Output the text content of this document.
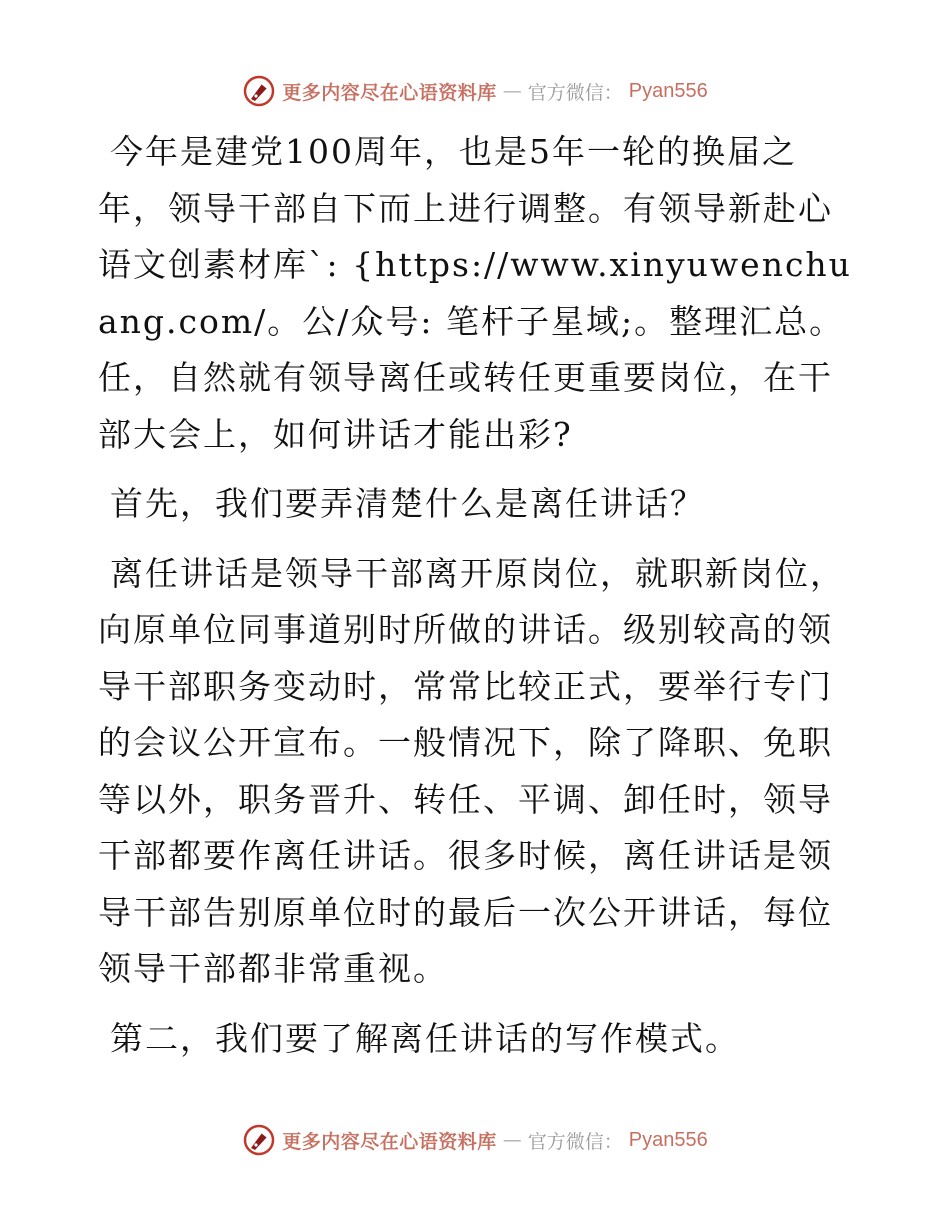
更多内容尽在心语资料库 — 官方微信： Pyan556

今年是建党100周年，也是5年一轮的换届之年，领导干部自下而上进行调整。有领导新赴心语文创素材库`: {https://www.xinyuwenchuang.com/。公/众号: 笔杆子星域;。整理汇总。任，自然就有领导离任或转任更重要岗位，在干部大会上，如何讲话才能出彩?

首先，我们要弄清楚什么是离任讲话？

离任讲话是领导干部离开原岗位，就职新岗位，向原单位同事道别时所做的讲话。级别较高的领导干部职务变动时，常常比较正式，要举行专门的会议公开宣布。一般情况下，除了降职、免职等以外，职务晋升、转任、平调、卸任时，领导干部都要作离任讲话。很多时候，离任讲话是领导干部告别原单位时的最后一次公开讲话，每位领导干部都非常重视。

第二，我们要了解离任讲话的写作模式。

更多内容尽在心语资料库 — 官方微信： Pyan556
